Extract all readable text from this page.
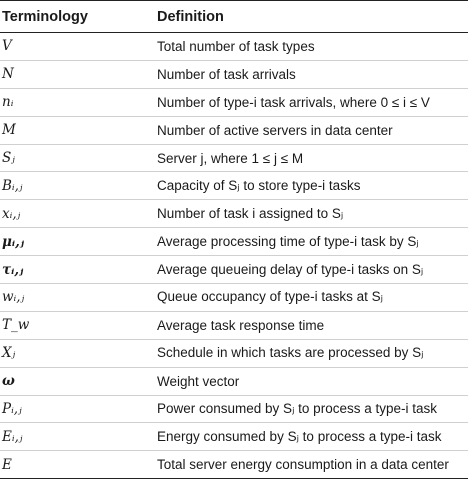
Terminology	Definition
V	Total number of task types
N	Number of task arrivals
nᵢ	Number of type-i task arrivals, where 0 ≤ i ≤ V
M	Number of active servers in data center
Sⱼ	Server j, where 1 ≤ j ≤ M
Bᵢ,ⱼ	Capacity of Sⱼ to store type-i tasks
xᵢ,ⱼ	Number of task i assigned to Sⱼ
μᵢ,ⱼ	Average processing time of type-i task by Sⱼ
τᵢ,ⱼ	Average queueing delay of type-i tasks on Sⱼ
wᵢ,ⱼ	Queue occupancy of type-i tasks at Sⱼ
T_w	Average task response time
Xⱼ	Schedule in which tasks are processed by Sⱼ
ω	Weight vector
Pᵢ,ⱼ	Power consumed by Sⱼ to process a type-i task
Eᵢ,ⱼ	Energy consumed by Sⱼ to process a type-i task
E	Total server energy consumption in a data center
